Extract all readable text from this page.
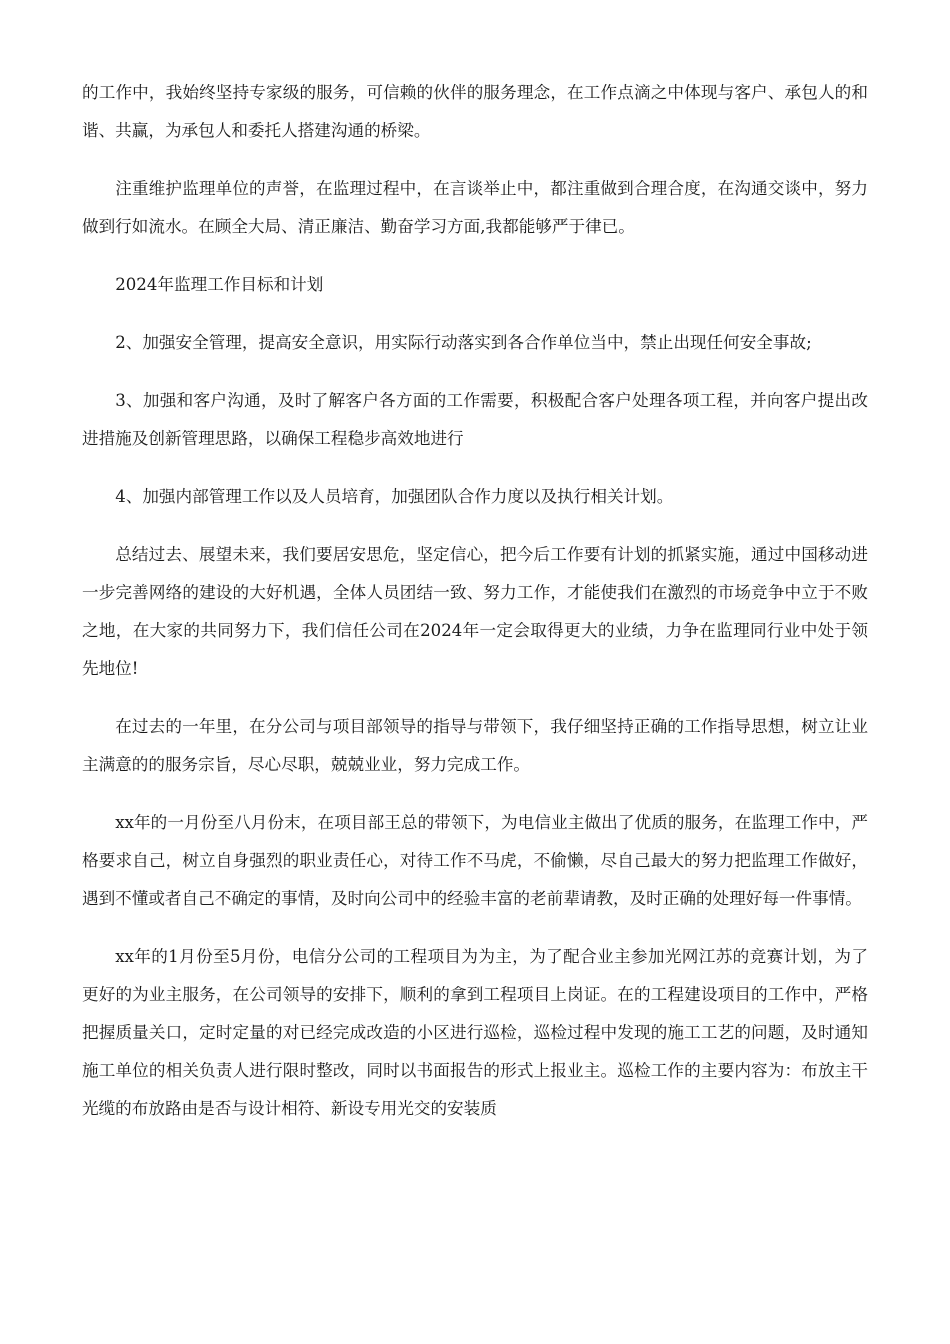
的工作中，我始终坚持专家级的服务，可信赖的伙伴的服务理念，在工作点滴之中体现与客户、承包人的和谐、共赢，为承包人和委托人搭建沟通的桥梁。

注重维护监理单位的声誉，在监理过程中，在言谈举止中，都注重做到合理合度，在沟通交谈中，努力做到行如流水。在顾全大局、清正廉洁、勤奋学习方面,我都能够严于律已。

2024年监理工作目标和计划

2、加强安全管理，提高安全意识，用实际行动落实到各合作单位当中，禁止出现任何安全事故;

3、加强和客户沟通，及时了解客户各方面的工作需要，积极配合客户处理各项工程，并向客户提出改进措施及创新管理思路，以确保工程稳步高效地进行

4、加强内部管理工作以及人员培育，加强团队合作力度以及执行相关计划。

总结过去、展望未来，我们要居安思危，坚定信心，把今后工作要有计划的抓紧实施，通过中国移动进一步完善网络的建设的大好机遇，全体人员团结一致、努力工作，才能使我们在激烈的市场竞争中立于不败之地，在大家的共同努力下，我们信任公司在2024年一定会取得更大的业绩，力争在监理同行业中处于领先地位!

在过去的一年里，在分公司与项目部领导的指导与带领下，我仔细坚持正确的工作指导思想，树立让业主满意的的服务宗旨，尽心尽职，兢兢业业，努力完成工作。

xx年的一月份至八月份末，在项目部王总的带领下，为电信业主做出了优质的服务，在监理工作中，严格要求自己，树立自身强烈的职业责任心，对待工作不马虎，不偷懒，尽自己最大的努力把监理工作做好，遇到不懂或者自己不确定的事情，及时向公司中的经验丰富的老前辈请教，及时正确的处理好每一件事情。

xx年的1月份至5月份，电信分公司的工程项目为为主，为了配合业主参加光网江苏的竞赛计划，为了更好的为业主服务，在公司领导的安排下，顺利的拿到工程项目上岗证。在的工程建设项目的工作中，严格把握质量关口，定时定量的对已经完成改造的小区进行巡检，巡检过程中发现的施工工艺的问题，及时通知施工单位的相关负责人进行限时整改，同时以书面报告的形式上报业主。巡检工作的主要内容为：布放主干光缆的布放路由是否与设计相符、新设专用光交的安装质
